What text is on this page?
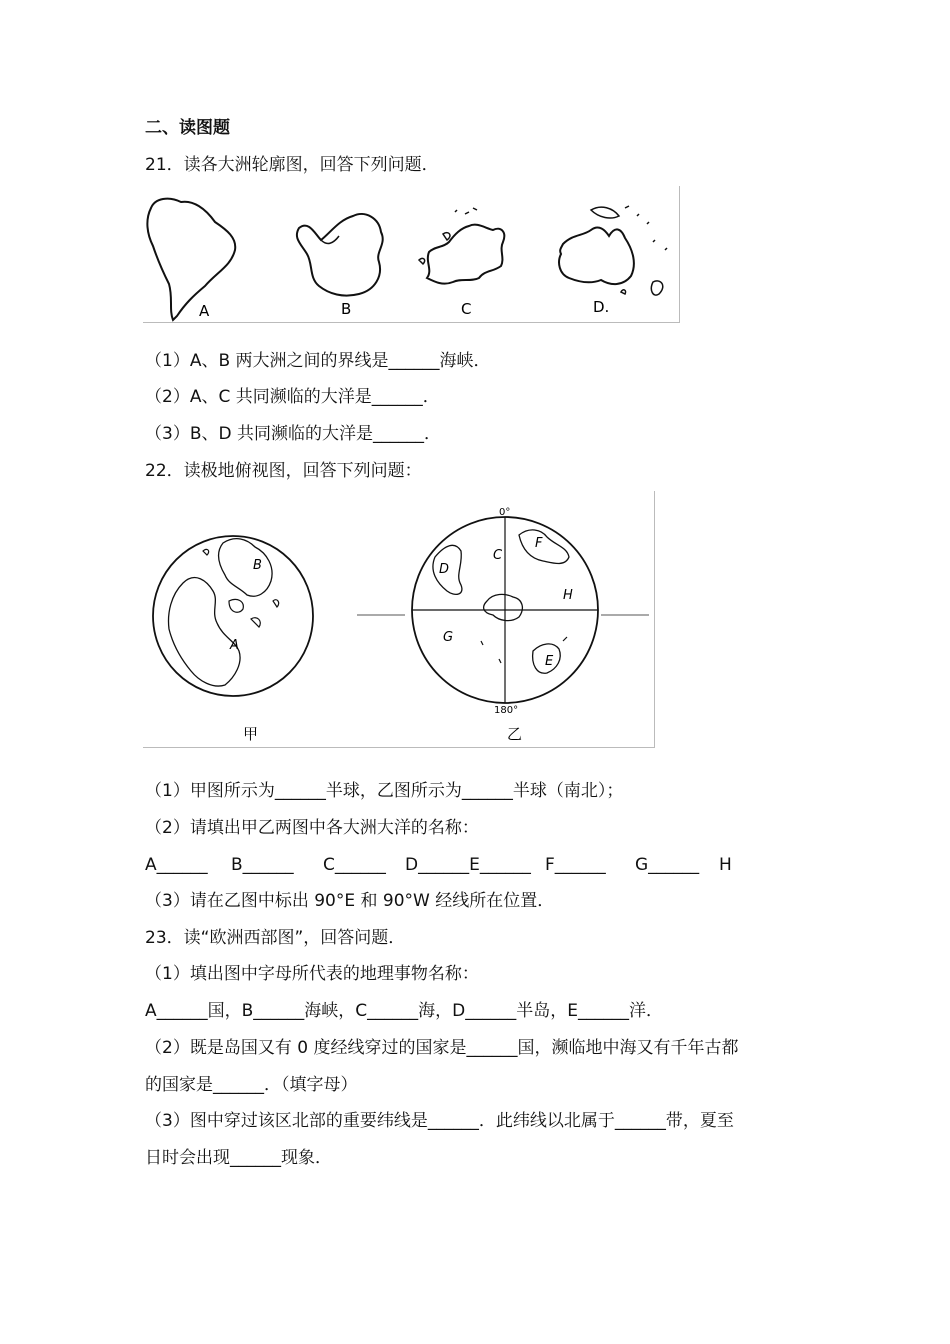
二、读图题
21．读各大洲轮廓图，回答下列问题．
A	B	C	D.
（1）A、B 两大洲之间的界线是______海峡．
（2）A、C 共同濒临的大洋是______．
（3）B、D 共同濒临的大洋是______．
22．读极地俯视图，回答下列问题：
A
B
甲
0°
180°
C
D
F
H
G
E
乙
（1）甲图所示为______半球，乙图所示为______半球（南北）；
（2）请填出甲乙两图中各大洲大洋的名称：
A______ B______ C______ D______E______ F______ G______ H
（3）请在乙图中标出 90°E 和 90°W 经线所在位置．
23．读“欧洲西部图”，回答问题．
（1）填出图中字母所代表的地理事物名称：
A______国，B______海峡，C______海，D______半岛，E______洋．
（2）既是岛国又有 0 度经线穿过的国家是______国，濒临地中海又有千年古都
的国家是______．（填字母）
（3）图中穿过该区北部的重要纬线是______．此纬线以北属于______带，夏至
日时会出现______现象．
